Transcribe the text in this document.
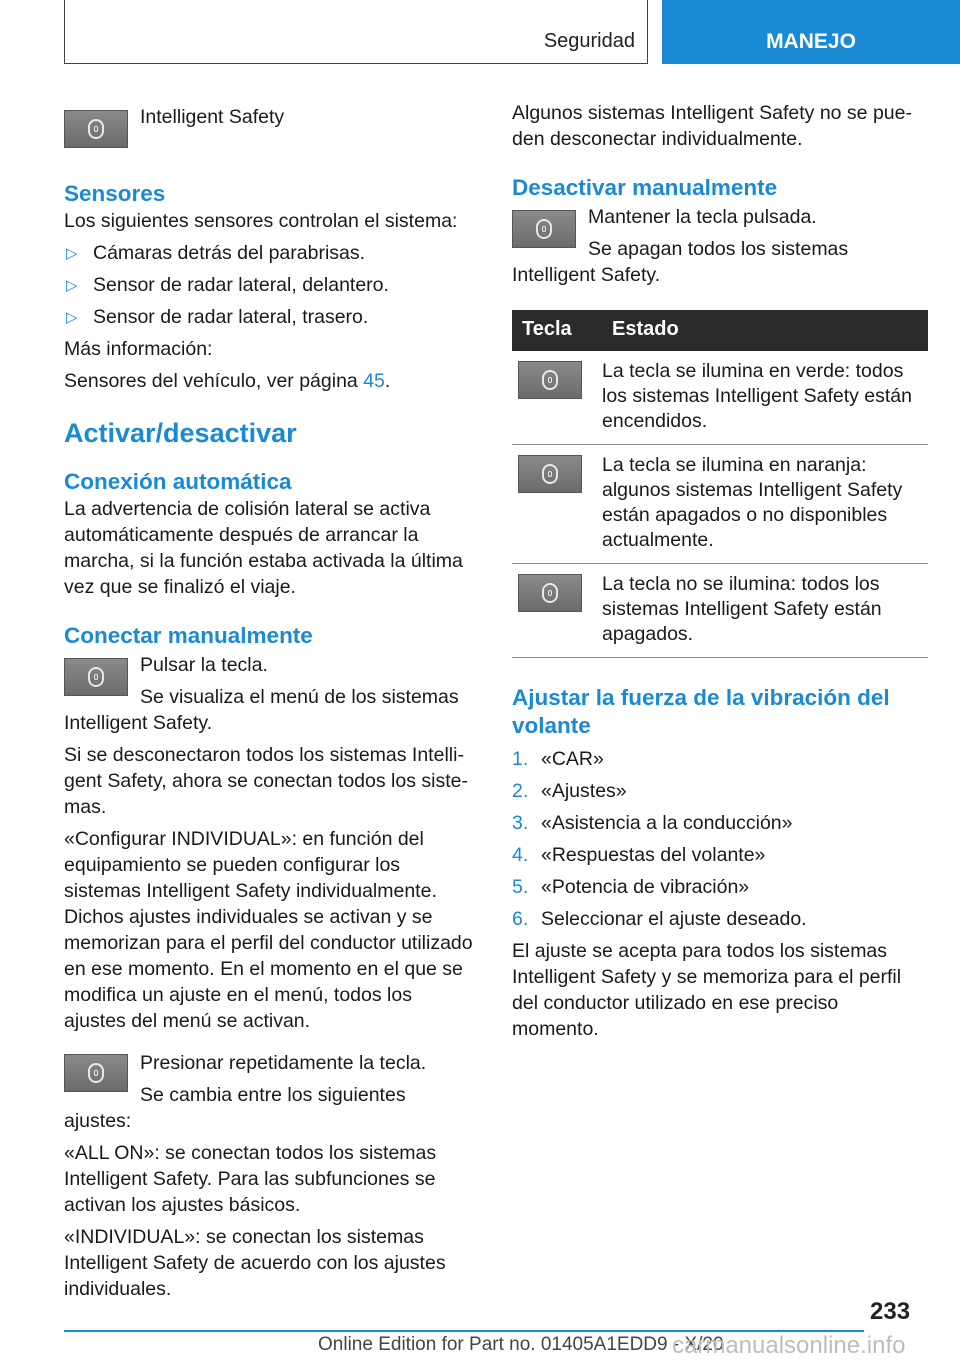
Seguridad	MANEJO

Intelligent Safety

Sensores

Los siguientes sensores controlan el sistema:

▷ Cámaras detrás del parabrisas.
▷ Sensor de radar lateral, delantero.
▷ Sensor de radar lateral, trasero.

Más información:

Sensores del vehículo, ver página 45.

Activar/desactivar
Conexión automática

La advertencia de colisión lateral se activa automáticamente después de arrancar la marcha, si la función estaba activada la última vez que se finalizó el viaje.

Conectar manualmente

Pulsar la tecla.

Se visualiza el menú de los sistemas Intelligent Safety.

Si se desconectaron todos los sistemas Intelligent Safety, ahora se conectan todos los sistemas.

«Configurar INDIVIDUAL»: en función del equipamiento se pueden configurar los sistemas Intelligent Safety individualmente. Dichos ajustes individuales se activan y se memorizan para el perfil del conductor utilizado en ese momento. En el momento en el que se modifica un ajuste en el menú, todos los ajustes del menú se activan.

Presionar repetidamente la tecla.

Se cambia entre los siguientes ajustes:

«ALL ON»: se conectan todos los sistemas Intelligent Safety. Para las subfunciones se activan los ajustes básicos.

«INDIVIDUAL»: se conectan los sistemas Intelligent Safety de acuerdo con los ajustes individuales.

Algunos sistemas Intelligent Safety no se pueden desconectar individualmente.

Desactivar manualmente

Mantener la tecla pulsada.

Se apagan todos los sistemas Intelligent Safety.

Tecla	Estado

	La tecla se ilumina en verde: todos los sistemas Intelligent Safety están encendidos.

	La tecla se ilumina en naranja: algunos sistemas Intelligent Safety están apagados o no disponibles actualmente.

	La tecla no se ilumina: todos los sistemas Intelligent Safety están apagados.
Ajustar la fuerza de la vibración del volante
1. «CAR»
2. «Ajustes»
3. «Asistencia a la conducción»
4. «Respuestas del volante»
5. «Potencia de vibración»
6. Seleccionar el ajuste deseado.

El ajuste se acepta para todos los sistemas Intelligent Safety y se memoriza para el perfil del conductor utilizado en ese preciso momento.

233
Online Edition for Part no. 01405A1EDD9 - X/20
carmanualsonline.info
